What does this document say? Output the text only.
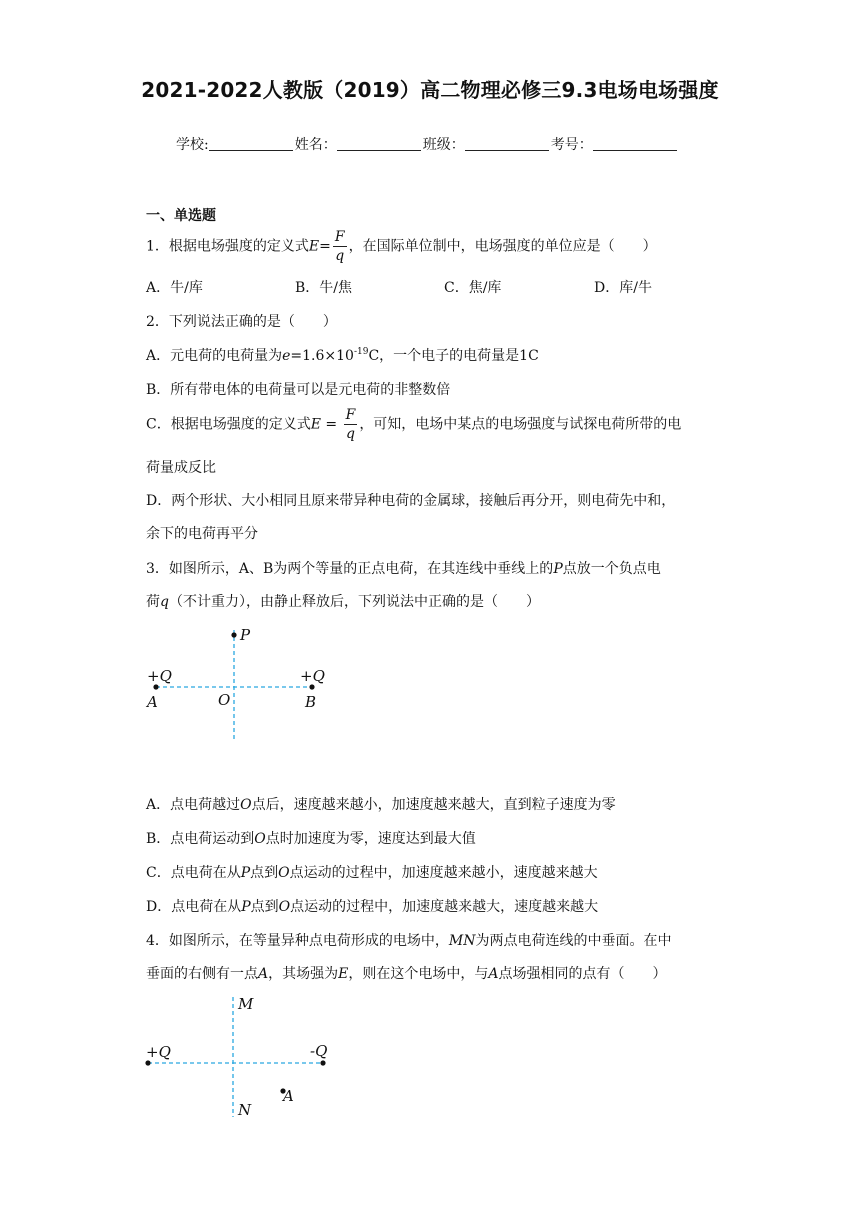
2021-2022人教版（2019）高二物理必修三9.3电场电场强度
学校:	姓名：	班级：	考号：
一、单选题
1．根据电场强度的定义式$E= \frac{F}{q}$ ，在国际单位制中，电场强度的单位应是（　　）
A．牛/库	B．牛/焦	C．焦/库	D．库/牛
2．下列说法正确的是（　　）
A．元电荷的电荷量为$e=1.6\times 10^{-19}C$，一个电子的电荷量是1C
B．所有带电体的电荷量可以是元电荷的非整数倍
C．根据电场强度的定义式$E = \frac{F}{q}$ ，可知，电场中某点的电场强度与试探电荷所带的电
荷量成反比
D．两个形状、大小相同且原来带异种电荷的金属球，接触后再分开，则电荷先中和，
余下的电荷再平分
3．如图所示，A、B为两个等量的正点电荷，在其连线中垂线上的P点放一个负点电
荷q（不计重力），由静止释放后，下列说法中正确的是（　　）
P
+Q	+Q
A	O	B
A．点电荷越过O点后，速度越来越小，加速度越来越大，直到粒子速度为零
B．点电荷运动到O点时加速度为零，速度达到最大值
C．点电荷在从P点到O点运动的过程中，加速度越来越小，速度越来越大
D．点电荷在从P点到O点运动的过程中，加速度越来越大，速度越来越大
4．如图所示，在等量异种点电荷形成的电场中，MN为两点电荷连线的中垂面。在中
垂面的右侧有一点A，其场强为E，则在这个电场中，与A点场强相同的点有（　　）
M
N
+Q	-Q
A
